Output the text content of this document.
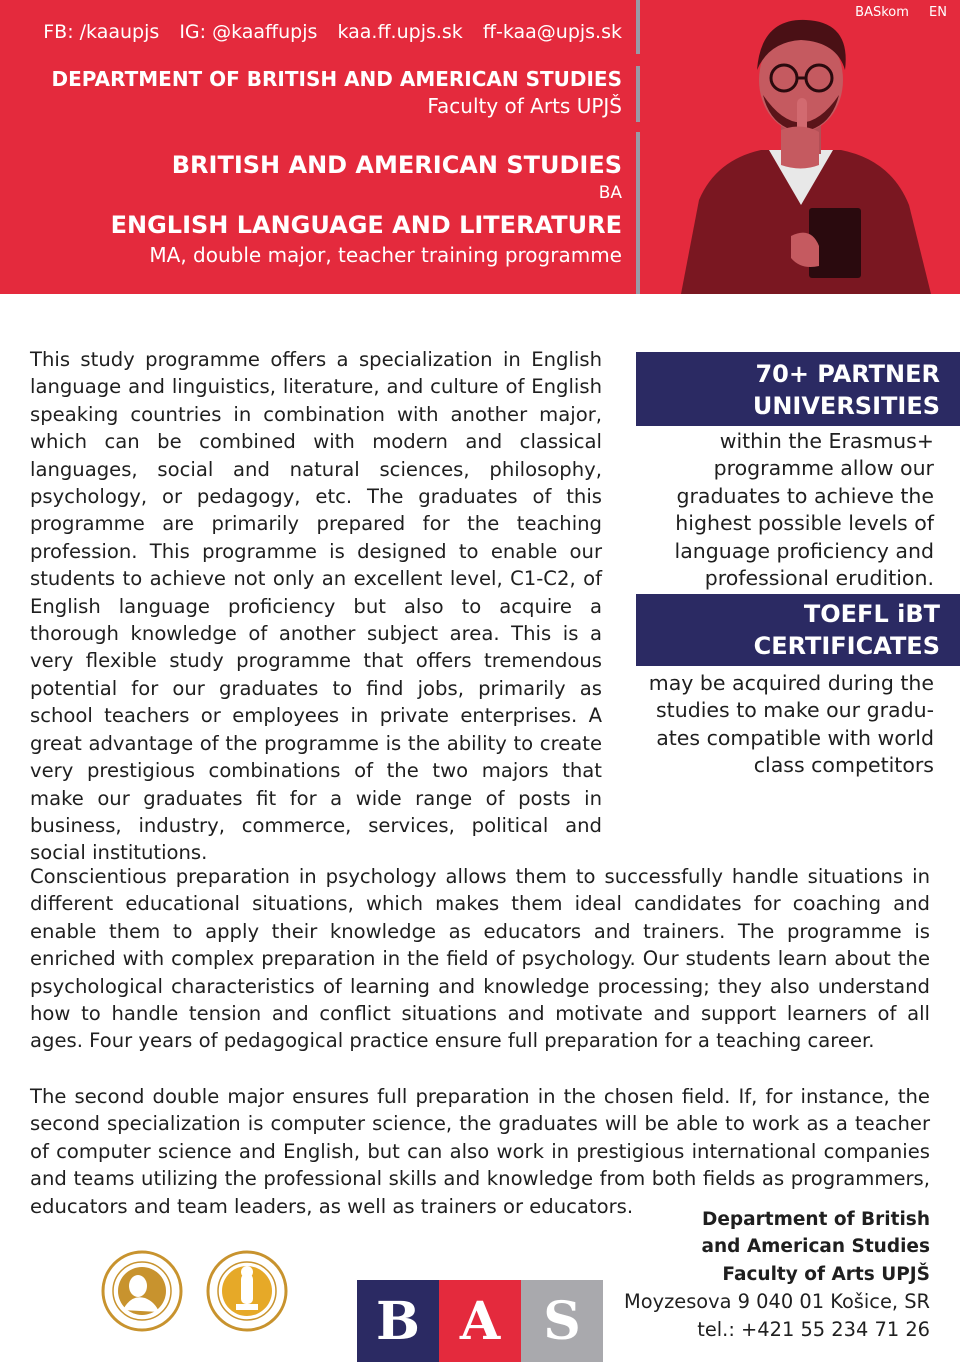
FB: /kaaupjs IG: @kaaffupjs kaa.ff.upjs.sk ff-kaa@upjs.sk
DEPARTMENT OF BRITISH AND AMERICAN STUDIES
Faculty of Arts UPJŠ
BRITISH AND AMERICAN STUDIES
BA
ENGLISH LANGUAGE AND LITERATURE
MA, double major, teacher training programme
BASkom EN

This study programme offers a specialization in English language and linguistics, literature, and culture of English speaking countries in combination with another major, which can be combined with modern and classical languages, social and natural sciences, philosophy, psychology, or pedagogy, etc. The graduates of this programme are primarily prepared for the teaching profession. This programme is designed to enable our students to achieve not only an excellent level, C1-C2, of English language proficiency but also to acquire a thorough knowledge of another subject area. This is a very flexible study programme that offers tremendous potential for our graduates to find jobs, primarily as school teachers or employees in private enterprises. A great advantage of the programme is the ability to create very prestigious combinations of the two majors that make our graduates fit for a wide range of posts in business, industry, commerce, services, political and social institutions.

70+ PARTNER
UNIVERSITIES
within the Erasmus+
programme allow our
graduates to achieve the
highest possible levels of
language proficiency and
professional erudition.
TOEFL iBT
CERTIFICATES
may be acquired during the
studies to make our gradu-
ates compatible with world
class competitors

Conscientious preparation in psychology allows them to successfully handle situations in different educational situations, which makes them ideal candidates for coaching and enable them to apply their knowledge as educators and trainers. The programme is enriched with complex preparation in the field of psychology. Our students learn about the psychological characteristics of learning and knowledge processing; they also understand how to handle tension and conflict situations and motivate and support learners of all ages. Four years of pedagogical practice ensure full preparation for a teaching career.

The second double major ensures full preparation in the chosen field. If, for instance, the second specialization is computer science, the graduates will be able to work as a teacher of computer science and English, but can also work in prestigious international companies and teams utilizing the professional skills and knowledge from both fields as programmers, educators and team leaders, as well as trainers or educators.

B A S
Department of British
and American Studies
Faculty of Arts UPJŠ
Moyzesova 9 040 01 Košice, SR
tel.: +421 55 234 71 26
